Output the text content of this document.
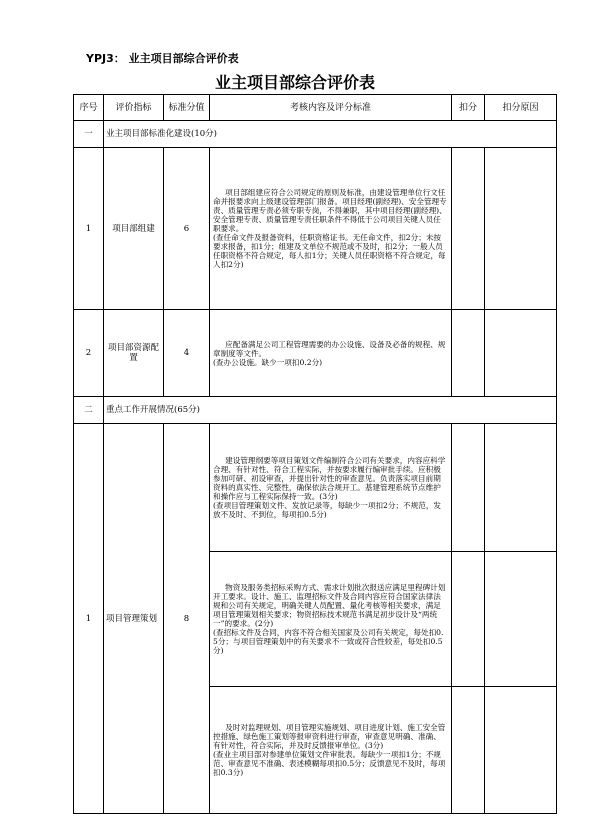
YPJ3： 业主项目部综合评价表
业主项目部综合评价表
序号	评价指标	标准分值	考核内容及评分标准	扣分	扣分原因
一	业主项目部标准化建设(10分)				
1	项目部组建	6	项目部组建应符合公司规定的原则及标准，由建设管理单位行文任命并报要求向上级建设管理部门报备。项目经理(副经理)、安全管理专责、质量管理专责必须专职专岗，不得兼职，其中项目经理(副经理)、安全管理专责、质量管理专责任职条件不得低于公司项目关键人员任职要求。
(查任命文件及报备资料，任职资格证书。无任命文件，扣2分；未按要求报备，扣1分；组建及文单位不规范或不及时，扣2分；一般人员任职资格不符合规定，每人扣1分；关键人员任职资格不符合规定，每人扣2分)		

2	项目部资源配置	4	应配备满足公司工程管理需要的办公设施、设备及必备的规程、规章制度等文件。
(查办公设施。缺少一项扣0.2分)		

二	重点工作开展情况(65分)				
1	项目管理策划	8	建设管理纲要等项目策划文件编制符合公司有关要求，内容应科学合理、有针对性、符合工程实际，并按要求履行编审批手续。应积极参加可研、初设审查，并提出针对性的审查意见。负责落实项目前期资料的真实性、完整性，确保依法合规开工。基建管理系统节点维护和操作应与工程实际保持一致。(3分)
(查项目管理策划文件、发放记录等，每缺少一项扣2分；不规范，发放不及时、不到位，每项扣0.5分)		

			物资及服务类招标采购方式、需求计划批次报送应满足里程碑计划开工要求。设计、施工、监理招标文件及合同内容应符合国家法律法规和公司有关规定，明确关键人员配置、量化考核等相关要求，满足项目管理策划相关要求；物资招标技术规范书满足初步设计及“两统一”的要求。(2分)
(查招标文件及合同，内容不符合相关国家及公司有关规定，每处扣0.5分；与项目管理策划中的有关要求不一致或符合性较差，每处扣0.5分)		

			及时对监理规划、项目管理实施规划、项目进度计划、施工安全管控措施、绿色施工策划等报审资料进行审查，审查意见明确、准确、有针对性，符合实际，并及时反馈报审单位。(3分)
(查业主项目部对参建单位策划文件审批表。每缺少一项扣1分；不规范、审查意见不准确、表述模糊每项扣0.5分；反馈意见不及时，每项扣0.3分)		
